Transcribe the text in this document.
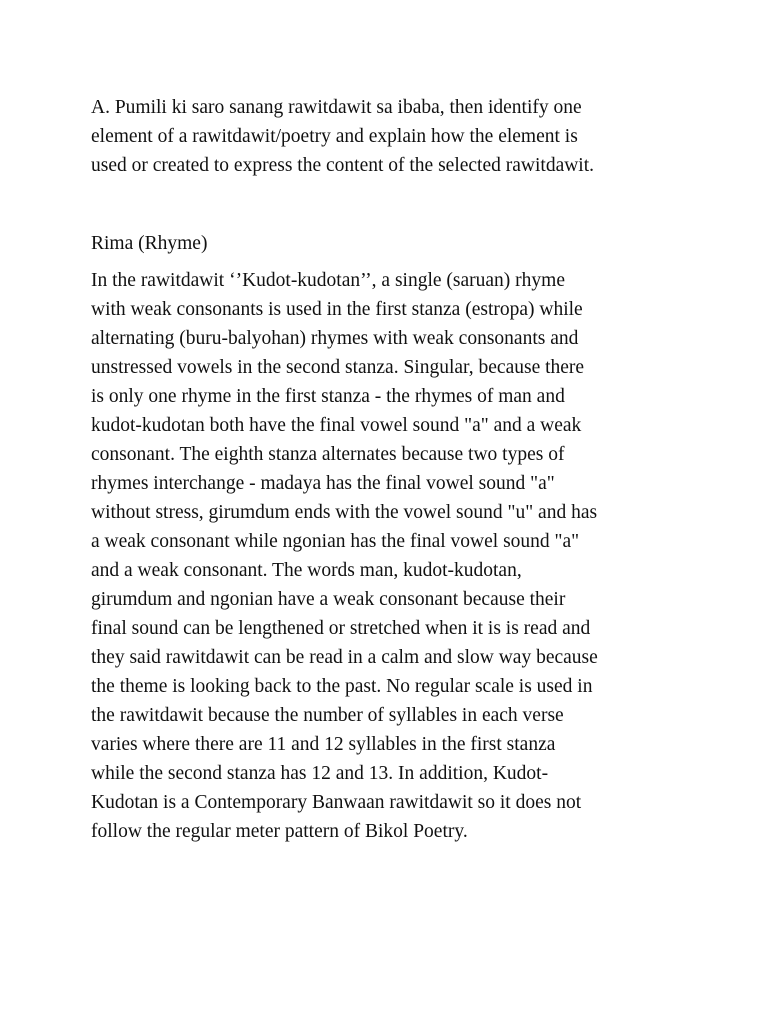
A. Pumili ki saro sanang rawitdawit sa ibaba, then identify one
element of a rawitdawit/poetry and explain how the element is
used or created to express the content of the selected rawitdawit.

Rima (Rhyme)

In the rawitdawit ‘’Kudot-kudotan’’, a single (saruan) rhyme
with weak consonants is used in the first stanza (estropa) while
alternating (buru-balyohan) rhymes with weak consonants and
unstressed vowels in the second stanza. Singular, because there
is only one rhyme in the first stanza - the rhymes of man and
kudot-kudotan both have the final vowel sound "a" and a weak
consonant. The eighth stanza alternates because two types of
rhymes interchange - madaya has the final vowel sound "a"
without stress, girumdum ends with the vowel sound "u" and has
a weak consonant while ngonian has the final vowel sound "a"
and a weak consonant. The words man, kudot-kudotan,
girumdum and ngonian have a weak consonant because their
final sound can be lengthened or stretched when it is is read and
they said rawitdawit can be read in a calm and slow way because
the theme is looking back to the past. No regular scale is used in
the rawitdawit because the number of syllables in each verse
varies where there are 11 and 12 syllables in the first stanza
while the second stanza has 12 and 13. In addition, Kudot-
Kudotan is a Contemporary Banwaan rawitdawit so it does not
follow the regular meter pattern of Bikol Poetry.
